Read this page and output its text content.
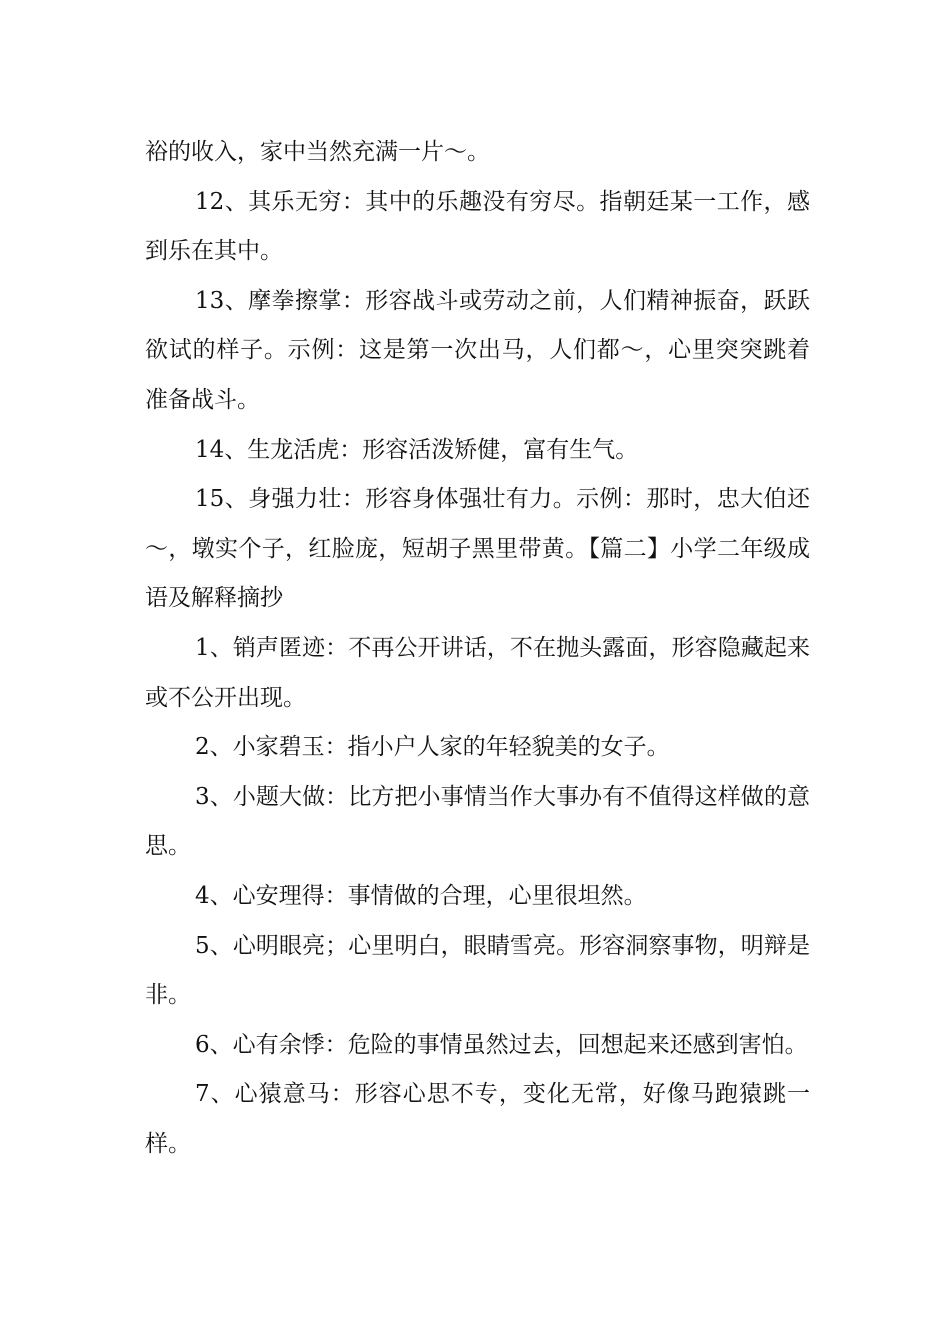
裕的收入，家中当然充满一片～。

12、其乐无穷：其中的乐趣没有穷尽。指朝廷某一工作，感到乐在其中。

13、摩拳擦掌：形容战斗或劳动之前，人们精神振奋，跃跃欲试的样子。示例：这是第一次出马，人们都～，心里突突跳着准备战斗。

14、生龙活虎：形容活泼矫健，富有生气。

15、身强力壮：形容身体强壮有力。示例：那时，忠大伯还～，墩实个子，红脸庞，短胡子黑里带黄。【篇二】小学二年级成语及解释摘抄

1、销声匿迹：不再公开讲话，不在抛头露面，形容隐藏起来或不公开出现。

2、小家碧玉：指小户人家的年轻貌美的女子。

3、小题大做：比方把小事情当作大事办有不值得这样做的意思。

4、心安理得：事情做的合理，心里很坦然。

5、心明眼亮；心里明白，眼睛雪亮。形容洞察事物，明辩是非。

6、心有余悸：危险的事情虽然过去，回想起来还感到害怕。

7、心猿意马：形容心思不专，变化无常，好像马跑猿跳一样。
